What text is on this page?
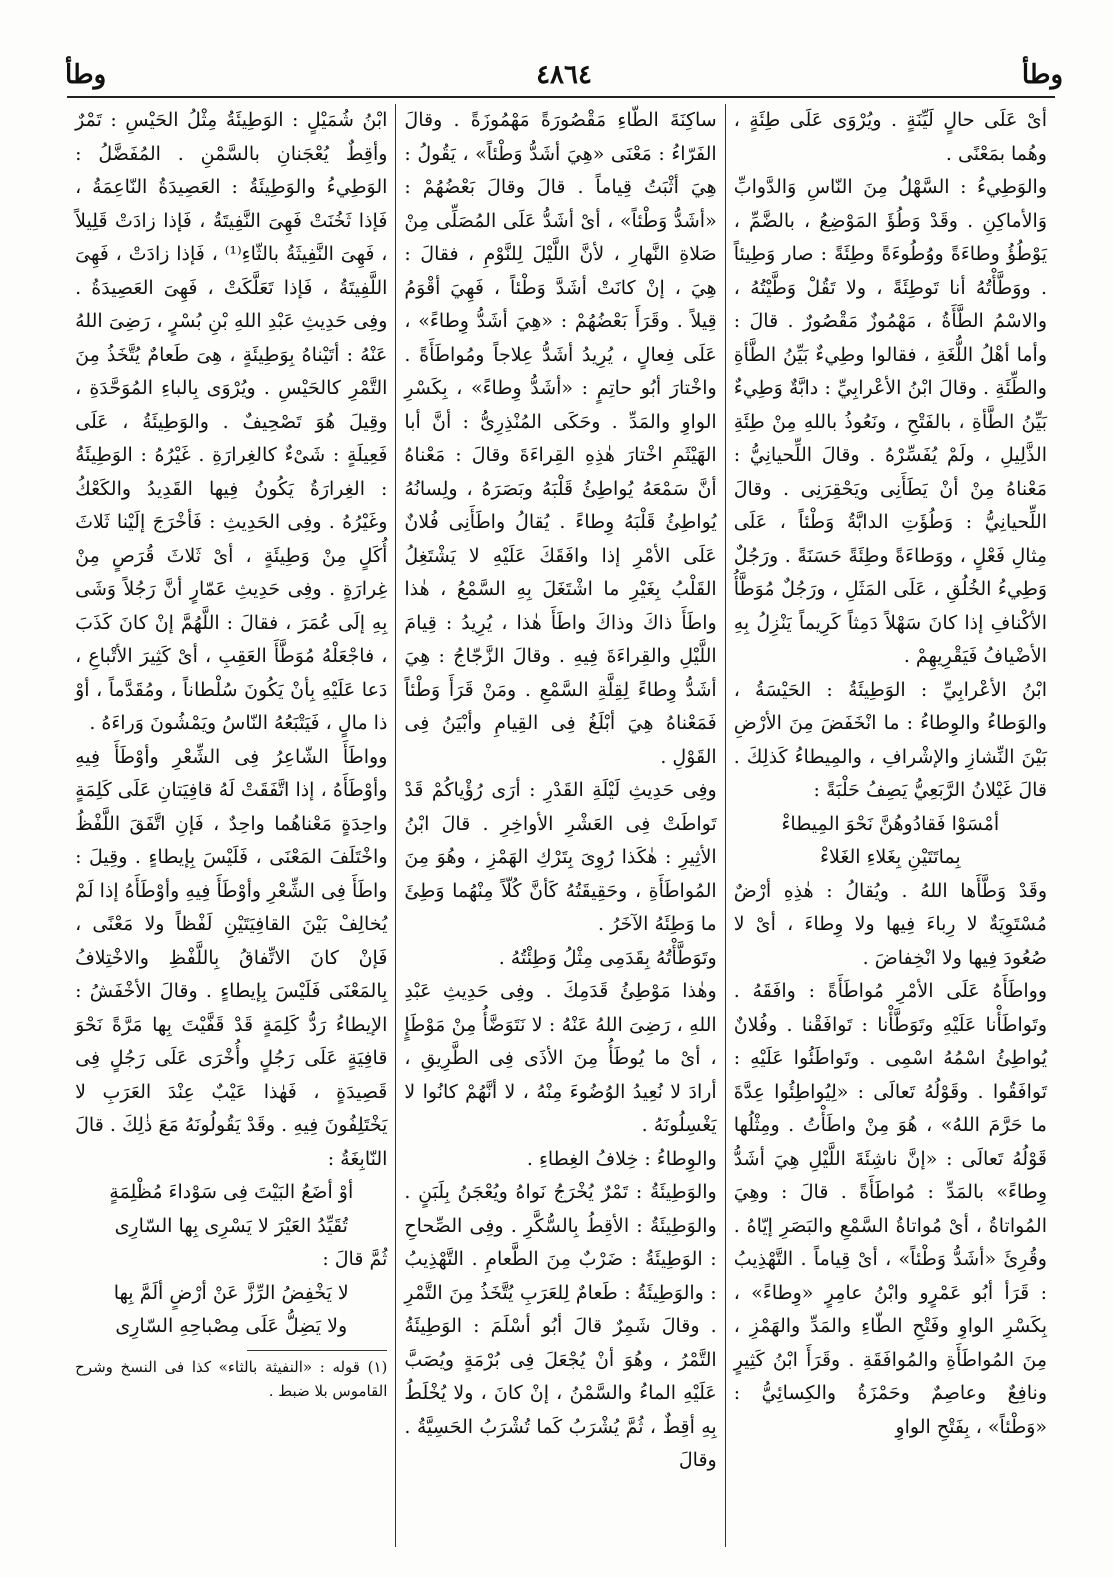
وطأ
٤٨٦٤
وطأ

أىْ عَلَى حالٍ لَيِّنَةٍ . ويُرْوَى عَلَى طِئَةٍ ، وهُما بمَعْنًى .

والوَطِيءُ : السَّهْلُ مِنَ النّاسِ وَالدَّوابِّ وَالأماكِنِ . وقَدْ وَطُؤَ المَوْضِعُ ، بالضَّمِّ ، يَوْطُؤُ وطاءَةً ووُطُوءَةً وطِئَةً : صار وَطِيئاً . ووَطَّأْتُهُ أنا تَوطِئَةً ، ولا تَقُلْ وَطَّيْتُهُ ، والاسْمُ الطَّأَةُ ، مَهْمُوزٌ مَقْصُورٌ . قالَ : وأما أهْلُ اللُّغَةِ ، فقالوا وطِيءٌ بَيِّنُ الطَّأةِ والطِّئَةِ . وقالَ ابْنُ الأعْرابِيِّ : دابَّةٌ وَطِيءٌ بَيِّنُ الطَّأةِ ، بالفَتْحِ ، ونَعُوذُ باللهِ مِنْ طِئَةِ الذَّلِيلِ ، ولَمْ يُفَسِّرْهُ . وقالَ اللِّحيانِيُّ : مَعْناهُ مِنْ أنْ يَطَأَنِى ويَحْقِرَنِى . وقالَ اللِّحيانِيُّ : وَطُؤَتِ الدابَّةُ وَطْئاً ، عَلَى مِثالِ فَعْلٍ ، ووَطاءَةً وطِئَةً حَسَنَةً . ورَجُلٌ وَطِيءُ الخُلُقِ ، عَلَى المَثَلِ ، ورَجُلٌ مُوَطَّأُ الأكْنافِ إذا كانَ سَهْلاً دَمِثاً كَرِيماً يَنْزِلُ بِهِ الأضْيافُ فَيَقْرِيهِمْ .

ابْنُ الأعْرابِيِّ : الوَطِيئَةُ : الحَيْسَةُ ، والوَطاءُ والوِطاءُ : ما انْخَفَضَ مِنَ الأرْضِ بَيْنَ النِّشازِ والإشْرافِ ، والمِيطاءُ كَذلِكَ . قالَ غَيْلانُ الرَّبَعِيُّ يَصِفُ حَلْبَةً :

أمْسَوْا فَقادُوهُنَّ نَحْوَ المِيطاءْ

بِماتَتَيْنِ بِغَلاءِ الغَلاءْ

وقَدْ وَطَّأَها اللهُ . ويُقالُ : هٰذِهِ أرْضٌ مُسْتَوِيَةٌ لا رِباءَ فِيها ولا وِطاءَ ، أىْ لا صُعُودَ فِيها ولا انْخِفاضَ .

وواطَأَهُ عَلَى الأمْرِ مُواطَأَةً : وافَقَهُ . وتَواطَأْنا عَلَيْهِ وتَوَطَّأْنا : تَوافَقْنا . وفُلانٌ يُواطِئُ اسْمُهُ اسْمِى . وتَواطَئُوا عَلَيْهِ : تَوافَقُوا . وقَوْلُهُ تَعالَى : «لِيُواطِئُوا عِدَّةَ ما حَرَّمَ اللهُ» ، هُوَ مِنْ واطَأْتُ . ومِثْلُها قَوْلُهُ تَعالَى : «إنَّ ناشِئَةَ اللَّيْلِ هِيَ أشَدُّ وِطاءً» بالمَدِّ : مُواطَأَةً . قالَ : وهِيَ المُواتاةُ ، أىْ مُواتاةُ السَّمْعِ والبَصَرِ إيّاهُ . وقُرِئَ «أشَدُّ وَطْئاً» ، أىْ قِياماً . التَّهْذِيبُ : قَرَأ أبُو عَمْرٍو وابْنُ عامِرٍ «وِطاءً» ، بِكَسْرِ الواوِ وفَتْحِ الطّاءِ والمَدِّ والهَمْزِ ، مِنَ المُواطَأَةِ والمُوافَقَةِ . وقَرَأَ ابْنُ كَثِيرٍ ونافِعٌ وعاصِمٌ وحَمْزَةُ والكِسائِيُّ : «وَطْئاً» ، بِفَتْحِ الواوِ

ساكِنَةَ الطّاءِ مَقْصُورَةً مَهْمُوزَةً . وقالَ الفَرّاءُ : مَعْنَى «هِيَ أشَدُّ وَطْئاً» ، يَقُولُ : هِيَ أثْبَتُ قِياماً . قالَ وقالَ بَعْضُهُمْ : «أشَدُّ وَطْئاً» ، أىْ أشَدُّ عَلَى المُصَلِّى مِنْ صَلاةِ النَّهارِ ، لأنَّ اللَّيْلَ لِلنَّوْمِ ، فقالَ : هِيَ ، إنْ كانَتْ أشَدَّ وَطْئاً ، فَهِيَ أقْوَمُ قِيلاً . وقَرَأَ بَعْضُهُمْ : «هِيَ أشَدُّ وِطاءً» ، عَلَى فِعالٍ ، يُرِيدُ أشَدُّ عِلاجاً ومُواطَأَةً . واخْتارَ أبُو حاتِمٍ : «أشَدُّ وِطاءً» ، بِكَسْرِ الواوِ والمَدِّ . وحَكَى المُنْذِرِىُّ : أنَّ أبا الهَيْثَمِ اخْتارَ هٰذِهِ القِراءَةَ وقالَ : مَعْناهُ أنَّ سَمْعَهُ يُواطِئُ قَلْبَهُ وبَصَرَهُ ، ولِسانُهُ يُواطِئُ قَلْبَهُ وِطاءً . يُقالُ واطَأَنِى فُلانٌ عَلَى الأمْرِ إذا وافَقَكَ عَلَيْهِ لا يَشْتَغِلُ القَلْبُ بِغَيْرِ ما اشْتَغَلَ بِهِ السَّمْعُ ، هٰذا واطَأَ ذاكَ وذاكَ واطَأَ هٰذا ، يُرِيدُ : قِيامَ اللَّيْلِ والقِراءَةَ فِيهِ . وقالَ الزَّجّاجُ : هِيَ أشَدُّ وِطاءً لِقِلَّةِ السَّمْعِ . ومَنْ قَرَأَ وَطْئاً فَمَعْناهُ هِيَ أبْلَغُ فِى القِيامِ وأبْيَنُ فِى القَوْلِ .

وفِى حَدِيثِ لَيْلَةِ القَدْرِ : أرَى رُؤْياكُمْ قَدْ تَواطَتْ فِى العَشْرِ الأواخِرِ . قالَ ابْنُ الأثِيرِ : هٰكَذا رُوِىَ بِتَرْكِ الهَمْزِ ، وهُوَ مِنَ المُواطَأَةِ ، وحَقِيقَتُهُ كَأنَّ كُلّاً مِنْهُما وَطِئَ ما وَطِئَهُ الآخَرُ .

وتَوَطَّأْتُهُ بِقَدَمِى مِثْلُ وَطِئْتُهُ .

وهٰذا مَوْطِئُ قَدَمِكَ . وفِى حَدِيثِ عَبْدِ اللهِ ، رَضِىَ اللهُ عَنْهُ : لا نَتَوَضَّأُ مِنْ مَوْطَإٍ ، أىْ ما يُوطَأُ مِنَ الأذَى فِى الطَّرِيقِ ، أرادَ لا نُعِيدُ الوُضُوءَ مِنْهُ ، لا أنَّهُمْ كانُوا لا يَغْسِلُونَهُ .

والوِطاءُ : خِلافُ الغِطاءِ .

والوَطِيئَةُ : تَمْرٌ يُخْرَجُ نَواهُ ويُعْجَنُ بِلَبَنٍ . والوَطِيئَةُ : الأقِطُ بِالسُّكَّرِ . وفِى الصِّحاحِ : الوَطِيئَةُ : ضَرْبٌ مِنَ الطَّعامِ . التَّهْذِيبُ : والوَطِيئَةُ : طَعامٌ لِلعَرَبِ يُتَّخَذُ مِنَ التَّمْرِ . وقالَ شَمِرٌ قالَ أبُو أسْلَمَ : الوَطِيئَةُ التَّمْرُ ، وهُوَ أنْ يُجْعَلَ فِى بُرْمَةٍ ويُصَبَّ عَلَيْهِ الماءُ والسَّمْنُ ، إنْ كانَ ، ولا يُخْلَطُ بِهِ أقِطٌ ، ثُمَّ يُشْرَبُ كَما تُشْرَبُ الحَسِيَّةُ . وقالَ

ابْنُ شُمَيْلٍ : الوَطِيئَةُ مِثْلُ الحَيْسِ : تَمْرٌ وأقِطٌ يُعْجَنانِ بالسَّمْنِ . المُفَضَّلُ : الوَطِيءُ والوَطِيئَةُ : العَصِيدَةُ النّاعِمَةُ ، فَإذا ثَخُنَتْ فَهِىَ النَّفِيتَةُ ، فَإذا زادَتْ قَلِيلاً ، فَهِىَ النَّفِيثَةُ بالثّاءِ⁽¹⁾ ، فَإذا زادَتْ ، فَهِىَ اللَّفِيتَةُ ، فَإذا تَعَلَّكَتْ ، فَهِىَ العَصِيدَةُ . وفِى حَدِيثِ عَبْدِ اللهِ بْنِ بُسْرٍ ، رَضِىَ اللهُ عَنْهُ : أتَيْناهُ بِوَطِيئَةٍ ، هِىَ طَعامٌ يُتَّخَذُ مِنَ التَّمْرِ كالحَيْسِ . ويُرْوَى بِالباءِ المُوَحَّدَةِ ، وقِيلَ هُوَ تَصْحِيفٌ . والوَطِيئَةُ ، عَلَى فَعِيلَةٍ : شَىْءٌ كالغِرارَةِ . غَيْرُهُ : الوَطِيئَةُ : الغِرارَةُ يَكُونُ فِيها القَدِيدُ والكَعْكُ وغَيْرُهُ . وفِى الحَدِيثِ : فَأخْرَجَ إلَيْنا ثَلاثَ أُكَلٍ مِنْ وَطِيئَةٍ ، أىْ ثَلاثَ قُرَصٍ مِنْ غِرارَةٍ . وفِى حَدِيثِ عَمّارٍ أنَّ رَجُلاً وَشَى بِهِ إلَى عُمَرَ ، فقالَ : اللَّهُمَّ إنْ كانَ كَذَبَ ، فاجْعَلْهُ مُوَطَّأَ العَقِبِ ، أىْ كَثِيرَ الأتْباعِ ، دَعا عَلَيْهِ بِأنْ يَكُونَ سُلْطاناً ، ومُقَدَّماً ، أوْ ذا مالٍ ، فَيَتْبَعُهُ النّاسُ ويَمْشُونَ وَراءَهُ .

وواطَأَ الشّاعِرُ فِى الشِّعْرِ وأوْطَأَ فِيهِ وأوْطَأَهُ ، إذا اتَّفَقَتْ لَهُ قافِيَتانِ عَلَى كَلِمَةٍ واحِدَةٍ مَعْناهُما واحِدٌ ، فَإنِ اتَّفَقَ اللَّفْظُ واخْتَلَفَ المَعْنَى ، فَلَيْسَ بِإيطاءٍ . وقِيلَ : واطَأَ فِى الشِّعْرِ وأوْطَأَ فِيهِ وأوْطَأَهُ إذا لَمْ يُخالِفْ بَيْنَ القافِيَتَيْنِ لَفْظاً ولا مَعْنًى ، فَإنْ كانَ الاتِّفاقُ بِاللَّفْظِ والاخْتِلافُ بِالمَعْنَى فَلَيْسَ بِإيطاءٍ . وقالَ الأخْفَشُ : الإيطاءُ رَدُّ كَلِمَةٍ قَدْ قَفَّيْتَ بِها مَرَّةً نَحْوَ قافِيَةٍ عَلَى رَجُلٍ وأُخْرَى عَلَى رَجُلٍ فِى قَصِيدَةٍ ، فَهٰذا عَيْبٌ عِنْدَ العَرَبِ لا يَخْتَلِفُونَ فِيهِ . وقَدْ يَقُولُونَهُ مَعَ ذٰلِكَ . قالَ النّابِغَةُ :

أوْ أضَعُ البَيْتَ فِى سَوْداءَ مُظْلِمَةٍ

تُقَيِّدُ العَيْرَ لا يَسْرِى بِها السّارِى

ثُمَّ قالَ :

لا يَخْفِضُ الرِّزَّ عَنْ أرْضٍ ألَمَّ بِها

ولا يَضِلُّ عَلَى مِصْباحِهِ السّارِى

(١) قوله : «النفيثة بالثاء» كذا فى النسخ وشرح القاموس بلا ضبط .
